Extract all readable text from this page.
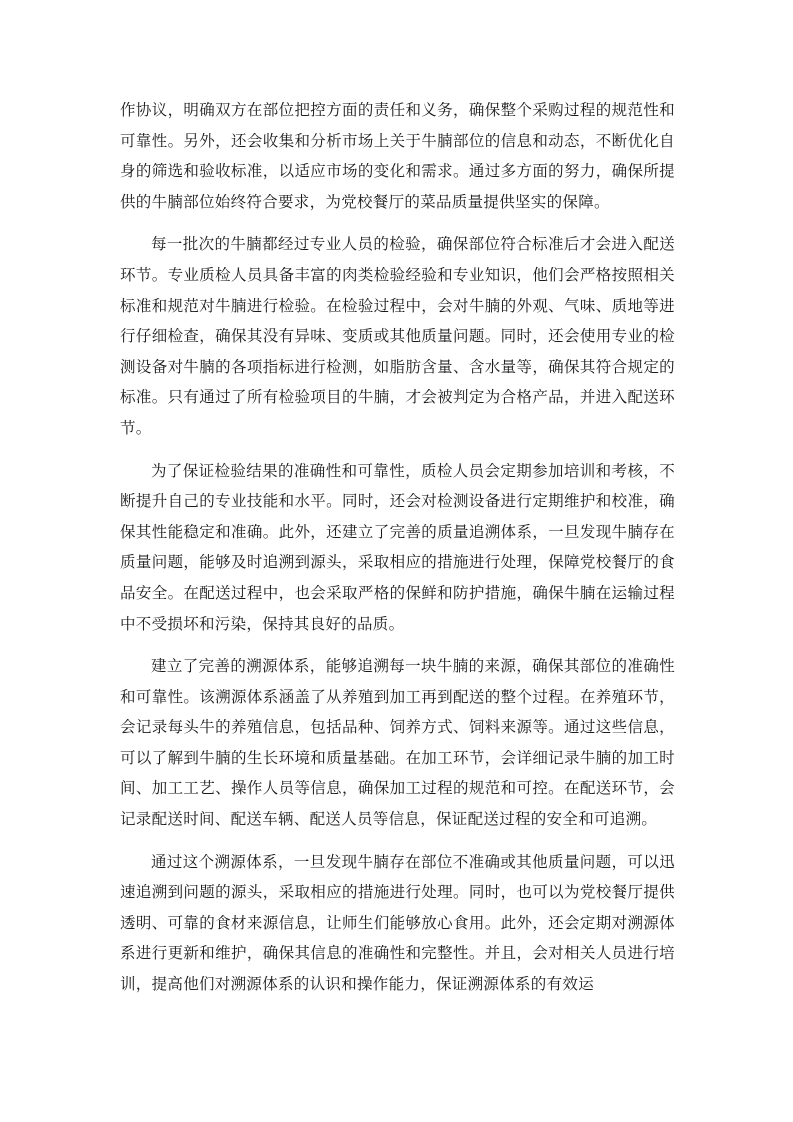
作协议，明确双方在部位把控方面的责任和义务，确保整个采购过程的规范性和可靠性。另外，还会收集和分析市场上关于牛腩部位的信息和动态，不断优化自身的筛选和验收标准，以适应市场的变化和需求。通过多方面的努力，确保所提供的牛腩部位始终符合要求，为党校餐厅的菜品质量提供坚实的保障。

每一批次的牛腩都经过专业人员的检验，确保部位符合标准后才会进入配送环节。专业质检人员具备丰富的肉类检验经验和专业知识，他们会严格按照相关标准和规范对牛腩进行检验。在检验过程中，会对牛腩的外观、气味、质地等进行仔细检查，确保其没有异味、变质或其他质量问题。同时，还会使用专业的检测设备对牛腩的各项指标进行检测，如脂肪含量、含水量等，确保其符合规定的标准。只有通过了所有检验项目的牛腩，才会被判定为合格产品，并进入配送环节。

为了保证检验结果的准确性和可靠性，质检人员会定期参加培训和考核，不断提升自己的专业技能和水平。同时，还会对检测设备进行定期维护和校准，确保其性能稳定和准确。此外，还建立了完善的质量追溯体系，一旦发现牛腩存在质量问题，能够及时追溯到源头，采取相应的措施进行处理，保障党校餐厅的食品安全。在配送过程中，也会采取严格的保鲜和防护措施，确保牛腩在运输过程中不受损坏和污染，保持其良好的品质。

建立了完善的溯源体系，能够追溯每一块牛腩的来源，确保其部位的准确性和可靠性。该溯源体系涵盖了从养殖到加工再到配送的整个过程。在养殖环节，会记录每头牛的养殖信息，包括品种、饲养方式、饲料来源等。通过这些信息，可以了解到牛腩的生长环境和质量基础。在加工环节，会详细记录牛腩的加工时间、加工工艺、操作人员等信息，确保加工过程的规范和可控。在配送环节，会记录配送时间、配送车辆、配送人员等信息，保证配送过程的安全和可追溯。

通过这个溯源体系，一旦发现牛腩存在部位不准确或其他质量问题，可以迅速追溯到问题的源头，采取相应的措施进行处理。同时，也可以为党校餐厅提供透明、可靠的食材来源信息，让师生们能够放心食用。此外，还会定期对溯源体系进行更新和维护，确保其信息的准确性和完整性。并且，会对相关人员进行培训，提高他们对溯源体系的认识和操作能力，保证溯源体系的有效运
